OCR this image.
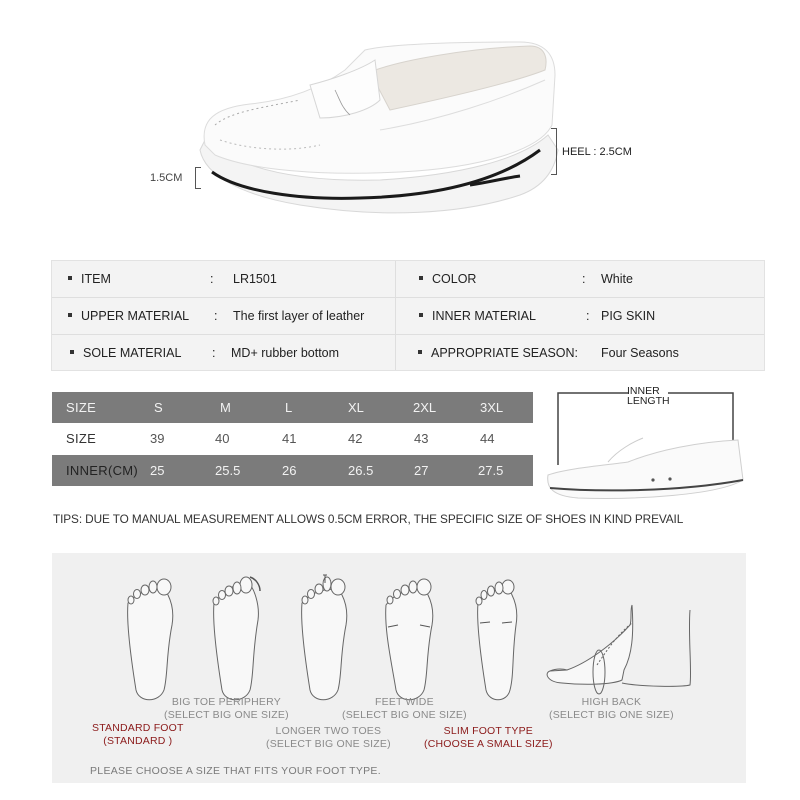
1.5CM
HEEL : 2.5CM
ITEM	: LR1501	COLOR	: White
UPPER MATERIAL : The first layer of leather	INNER MATERIAL	: PIG SKIN
SOLE MATERIAL : MD+ rubber bottom	APPROPRIATE SEASON: Four Seasons
SIZE	S	M	L	XL	2XL	3XL
SIZE	39	40	41	42	43	44
INNER(CM) 25	25.5	26	26.5	27	27.5
INNER
LENGTH
TIPS: DUE TO MANUAL MEASUREMENT ALLOWS 0.5CM ERROR, THE SPECIFIC SIZE OF SHOES IN KIND PREVAIL
STANDARD FOOT
(STANDARD )
BIG TOE PERIPHERY
(SELECT BIG ONE SIZE)
LONGER TWO TOES
(SELECT BIG ONE SIZE)
FEET WIDE
(SELECT BIG ONE SIZE)
SLIM FOOT TYPE
(CHOOSE A SMALL SIZE)
HIGH BACK
(SELECT BIG ONE SIZE)
PLEASE CHOOSE A SIZE THAT FITS YOUR FOOT TYPE.
